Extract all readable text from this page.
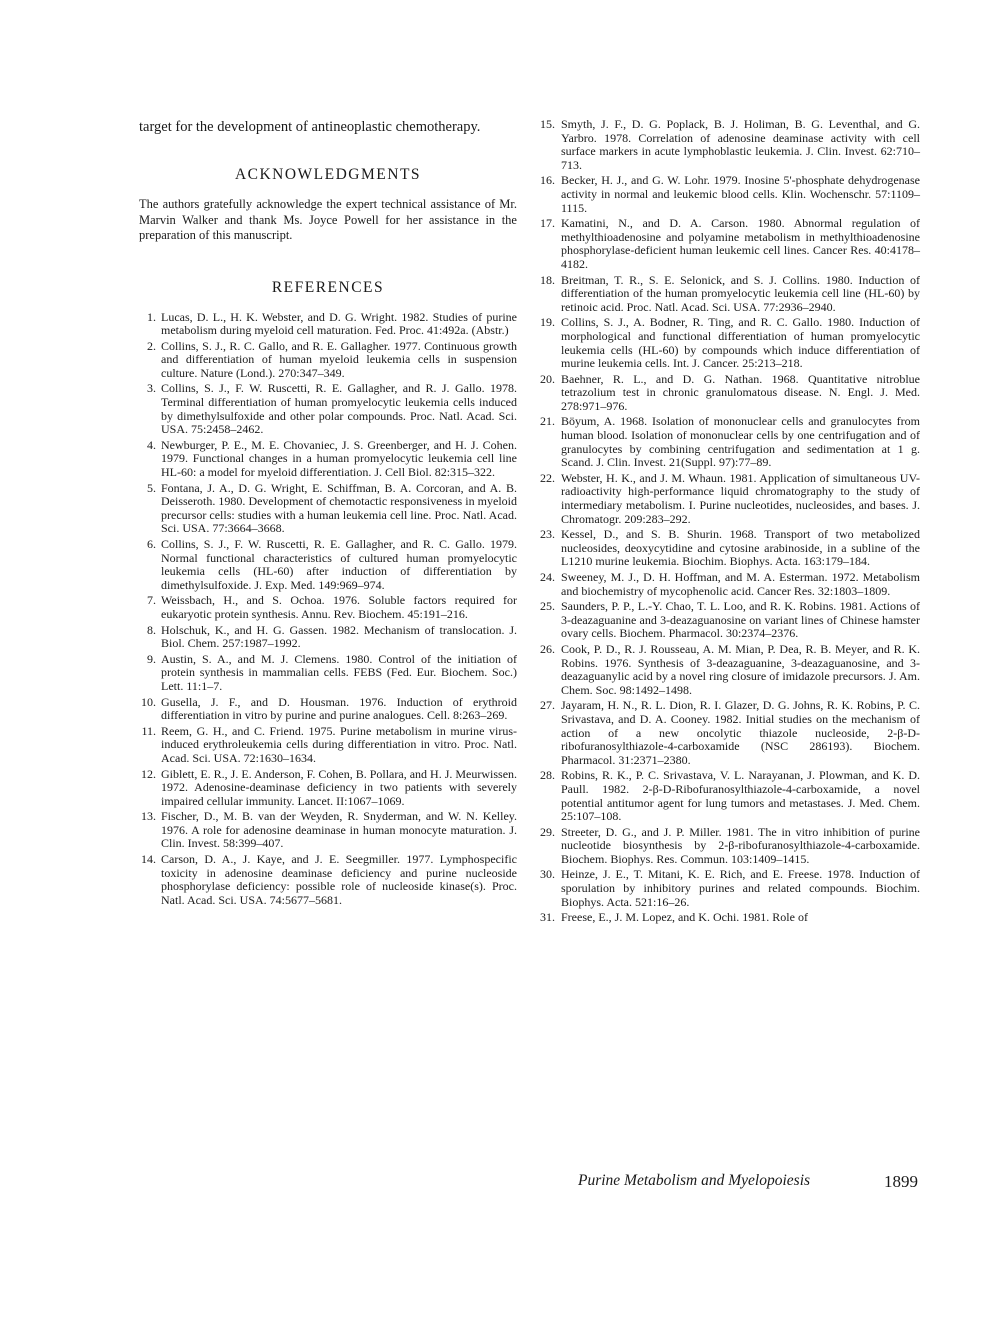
target for the development of antineoplastic chemotherapy.

ACKNOWLEDGMENTS

The authors gratefully acknowledge the expert technical assistance of Mr. Marvin Walker and thank Ms. Joyce Powell for her assistance in the preparation of this manuscript.

REFERENCES
1. Lucas, D. L., H. K. Webster, and D. G. Wright. 1982. Studies of purine metabolism during myeloid cell maturation. Fed. Proc. 41:492a. (Abstr.)
2. Collins, S. J., R. C. Gallo, and R. E. Gallagher. 1977. Continuous growth and differentiation of human myeloid leukemia cells in suspension culture. Nature (Lond.). 270:347–349.
3. Collins, S. J., F. W. Ruscetti, R. E. Gallagher, and R. J. Gallo. 1978. Terminal differentiation of human promyelocytic leukemia cells induced by dimethylsulfoxide and other polar compounds. Proc. Natl. Acad. Sci. USA. 75:2458–2462.
4. Newburger, P. E., M. E. Chovaniec, J. S. Greenberger, and H. J. Cohen. 1979. Functional changes in a human promyelocytic leukemia cell line HL-60: a model for myeloid differentiation. J. Cell Biol. 82:315–322.
5. Fontana, J. A., D. G. Wright, E. Schiffman, B. A. Corcoran, and A. B. Deisseroth. 1980. Development of chemotactic responsiveness in myeloid precursor cells: studies with a human leukemia cell line. Proc. Natl. Acad. Sci. USA. 77:3664–3668.
6. Collins, S. J., F. W. Ruscetti, R. E. Gallagher, and R. C. Gallo. 1979. Normal functional characteristics of cultured human promyelocytic leukemia cells (HL-60) after induction of differentiation by dimethylsulfoxide. J. Exp. Med. 149:969–974.
7. Weissbach, H., and S. Ochoa. 1976. Soluble factors required for eukaryotic protein synthesis. Annu. Rev. Biochem. 45:191–216.
8. Holschuk, K., and H. G. Gassen. 1982. Mechanism of translocation. J. Biol. Chem. 257:1987–1992.
9. Austin, S. A., and M. J. Clemens. 1980. Control of the initiation of protein synthesis in mammalian cells. FEBS (Fed. Eur. Biochem. Soc.) Lett. 11:1–7.
10. Gusella, J. F., and D. Housman. 1976. Induction of erythroid differentiation in vitro by purine and purine analogues. Cell. 8:263–269.
11. Reem, G. H., and C. Friend. 1975. Purine metabolism in murine virus-induced erythroleukemia cells during differentiation in vitro. Proc. Natl. Acad. Sci. USA. 72:1630–1634.
12. Giblett, E. R., J. E. Anderson, F. Cohen, B. Pollara, and H. J. Meurwissen. 1972. Adenosine-deaminase deficiency in two patients with severely impaired cellular immunity. Lancet. II:1067–1069.
13. Fischer, D., M. B. van der Weyden, R. Snyderman, and W. N. Kelley. 1976. A role for adenosine deaminase in human monocyte maturation. J. Clin. Invest. 58:399–407.
14. Carson, D. A., J. Kaye, and J. E. Seegmiller. 1977. Lymphospecific toxicity in adenosine deaminase deficiency and purine nucleoside phosphorylase deficiency: possible role of nucleoside kinase(s). Proc. Natl. Acad. Sci. USA. 74:5677–5681.
15. Smyth, J. F., D. G. Poplack, B. J. Holiman, B. G. Leventhal, and G. Yarbro. 1978. Correlation of adenosine deaminase activity with cell surface markers in acute lymphoblastic leukemia. J. Clin. Invest. 62:710–713.
16. Becker, H. J., and G. W. Lohr. 1979. Inosine 5'-phosphate dehydrogenase activity in normal and leukemic blood cells. Klin. Wochenschr. 57:1109–1115.
17. Kamatini, N., and D. A. Carson. 1980. Abnormal regulation of methylthioadenosine and polyamine metabolism in methylthioadenosine phosphorylase-deficient human leukemic cell lines. Cancer Res. 40:4178–4182.
18. Breitman, T. R., S. E. Selonick, and S. J. Collins. 1980. Induction of differentiation of the human promyelocytic leukemia cell line (HL-60) by retinoic acid. Proc. Natl. Acad. Sci. USA. 77:2936–2940.
19. Collins, S. J., A. Bodner, R. Ting, and R. C. Gallo. 1980. Induction of morphological and functional differentiation of human promyelocytic leukemia cells (HL-60) by compounds which induce differentiation of murine leukemia cells. Int. J. Cancer. 25:213–218.
20. Baehner, R. L., and D. G. Nathan. 1968. Quantitative nitroblue tetrazolium test in chronic granulomatous disease. N. Engl. J. Med. 278:971–976.
21. Böyum, A. 1968. Isolation of mononuclear cells and granulocytes from human blood. Isolation of mononuclear cells by one centrifugation and of granulocytes by combining centrifugation and sedimentation at 1 g. Scand. J. Clin. Invest. 21(Suppl. 97):77–89.
22. Webster, H. K., and J. M. Whaun. 1981. Application of simultaneous UV-radioactivity high-performance liquid chromatography to the study of intermediary metabolism. I. Purine nucleotides, nucleosides, and bases. J. Chromatogr. 209:283–292.
23. Kessel, D., and S. B. Shurin. 1968. Transport of two metabolized nucleosides, deoxycytidine and cytosine arabinoside, in a subline of the L1210 murine leukemia. Biochim. Biophys. Acta. 163:179–184.
24. Sweeney, M. J., D. H. Hoffman, and M. A. Esterman. 1972. Metabolism and biochemistry of mycophenolic acid. Cancer Res. 32:1803–1809.
25. Saunders, P. P., L.-Y. Chao, T. L. Loo, and R. K. Robins. 1981. Actions of 3-deazaguanine and 3-deazaguanosine on variant lines of Chinese hamster ovary cells. Biochem. Pharmacol. 30:2374–2376.
26. Cook, P. D., R. J. Rousseau, A. M. Mian, P. Dea, R. B. Meyer, and R. K. Robins. 1976. Synthesis of 3-deazaguanine, 3-deazaguanosine, and 3-deazaguanylic acid by a novel ring closure of imidazole precursors. J. Am. Chem. Soc. 98:1492–1498.
27. Jayaram, H. N., R. L. Dion, R. I. Glazer, D. G. Johns, R. K. Robins, P. C. Srivastava, and D. A. Cooney. 1982. Initial studies on the mechanism of action of a new oncolytic thiazole nucleoside, 2-β-D-ribofuranosylthiazole-4-carboxamide (NSC 286193). Biochem. Pharmacol. 31:2371–2380.
28. Robins, R. K., P. C. Srivastava, V. L. Narayanan, J. Plowman, and K. D. Paull. 1982. 2-β-D-Ribofuranosylthiazole-4-carboxamide, a novel potential antitumor agent for lung tumors and metastases. J. Med. Chem. 25:107–108.
29. Streeter, D. G., and J. P. Miller. 1981. The in vitro inhibition of purine nucleotide biosynthesis by 2-β-ribofuranosylthiazole-4-carboxamide. Biochem. Biophys. Res. Commun. 103:1409–1415.
30. Heinze, J. E., T. Mitani, K. E. Rich, and E. Freese. 1978. Induction of sporulation by inhibitory purines and related compounds. Biochim. Biophys. Acta. 521:16–26.
31. Freese, E., J. M. Lopez, and K. Ochi. 1981. Role of
Purine Metabolism and Myelopoiesis	1899
